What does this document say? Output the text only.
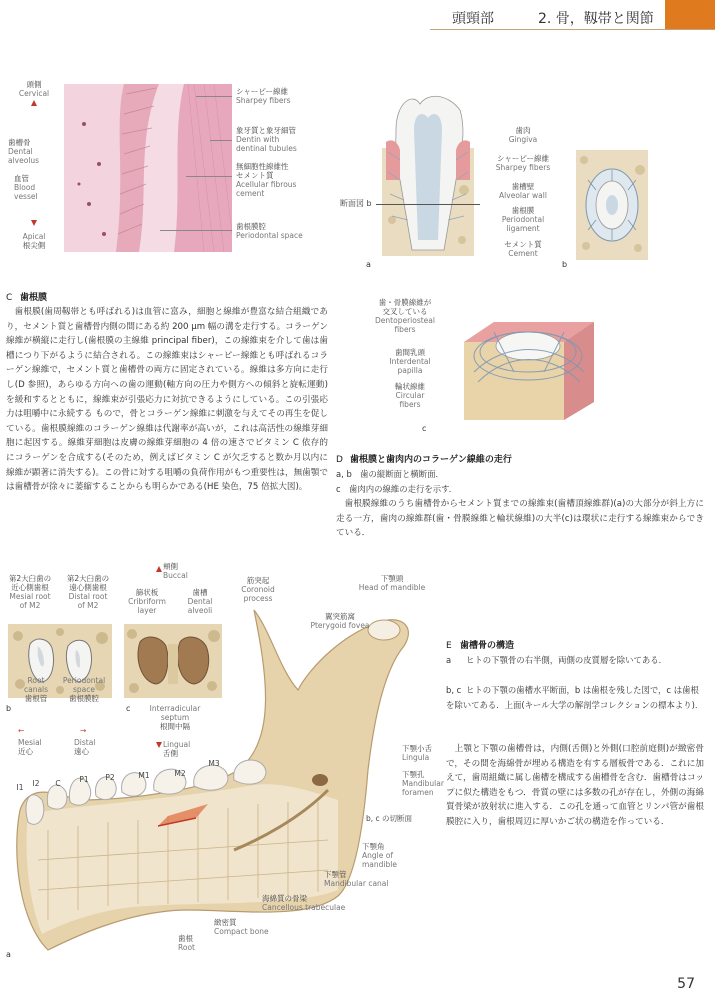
頭頸部	2. 骨，靱帯と関節
頭側
Cervical
歯槽骨
Dental
alveolus
血管
Blood
vessel
Apical
根尖側
シャーピー線維
Sharpey fibers
象牙質と象牙細管
Dentin with
dentinal tubules
無細胞性線維性
セメント質
Acellular fibrous
cement
歯根膜腔
Periodontal space
C 歯根膜
歯根膜(歯周靱帯とも呼ばれる)は血管に富み，細胞と線維が豊富な結合組織であり，セメント質と歯槽骨内側の間にある約 200 μm 幅の溝を走行する。コラーゲン線維が横縦に走行し(歯根膜の主線維 principal fiber)，この線維束を介して歯は歯槽につり下がるように結合される。この線維束はシャーピー線維とも呼ばれるコラーゲン線維で，セメント質と歯槽骨の両方に固定されている。線維は多方向に走行し(D 参照)，あらゆる方向への歯の運動(軸方向の圧力や側方への傾斜と旋転運動)を緩和するとともに，線維束が引張応力に対抗できるようにしている。この引張応力は咀嚼中に永続する もので，骨とコラーゲン線維に刺激を与えてその再生を促している。歯根膜線維のコラーゲン線維は代謝率が高いが，これは高活性の線維芽細胞に起因する。線維芽細胞は皮膚の線維芽細胞の 4 倍の速さでビタミン C 依存的にコラーゲンを合成する(そのため，例えばビタミン C が欠乏すると数か月以内に線維が顕著に消失する)。この骨に対する咀嚼の負荷作用がもつ重要性は，無歯顎では歯槽骨が徐々に萎縮することからも明らかである(HE 染色，75 倍拡大図)。
断面図 b
a	b
歯肉
Gingiva
シャーピー線維
Sharpey fibers
歯槽壁
Alveolar wall
歯根膜
Periodontal
ligament
セメント質
Cement
歯・骨膜線維が
交叉している
Dentoperiosteal
fibers
歯間乳頭
Interdental
papilla
輪状線維
Circular
fibers
c
D 歯根膜と歯肉内のコラーゲン線維の走行
a, b　歯の縦断面と横断面．
c　歯肉内の線維の走行を示す．
歯根膜線維のうち歯槽骨からセメント質までの線維束(歯槽頂線維群)(a)の大部分が斜上方に走る一方，歯肉の線維群(歯・骨膜線維と輪状線維)の大半(c)は環状に走行する線維束からできている．
頬側
Buccal
第2大臼歯の
近心側歯根
Mesial root
of M2
第2大臼歯の
遠心側歯根
Distal root
of M2
篩状板
Cribriform
layer
歯槽
Dental
alveoli
b	c
Root
canals
歯根管
Periodontal
space
歯根膜腔
Interradicular
septum
根間中隔
←
Mesial
近心
→
Distal
遠心
Lingual
舌側
I1	I2	C	P1	P2	M1	M2
M3
筋突起
Coronoid
process
下顎頭
Head of mandible
翼突筋窩
Pterygoid fovea
下顎小舌
Lingula
下顎孔
Mandibular
foramen
b, c の切断面
下顎角
Angle of
mandible
下顎管
Mandibular canal
海綿質の骨梁
Cancellous trabeculae
緻密質
Compact bone
歯根
Root
a
E 歯槽骨の構造
a ヒトの下顎骨の右半側，両側の皮質層を除いてある．
b, c ヒトの下顎の歯槽水平断面，b は歯根を残した図で，c は歯根を除いてある．上面(キール大学の解剖学コレクションの標本より)．
上顎と下顎の歯槽骨は，内側(舌側)と外側(口腔前庭側)が緻密骨で，その間を海綿骨が埋める構造を有する層板骨である．これに加えて，歯周組織に属し歯槽を構成する歯槽骨を含む．歯槽骨はコップに似た構造をもつ．骨質の壁には多数の孔が存在し，外側の海綿質骨梁が放射状に進入する．この孔を通って血管とリンパ管が歯根膜腔に入り，歯根周辺に厚いかご状の構造を作っている．
57
